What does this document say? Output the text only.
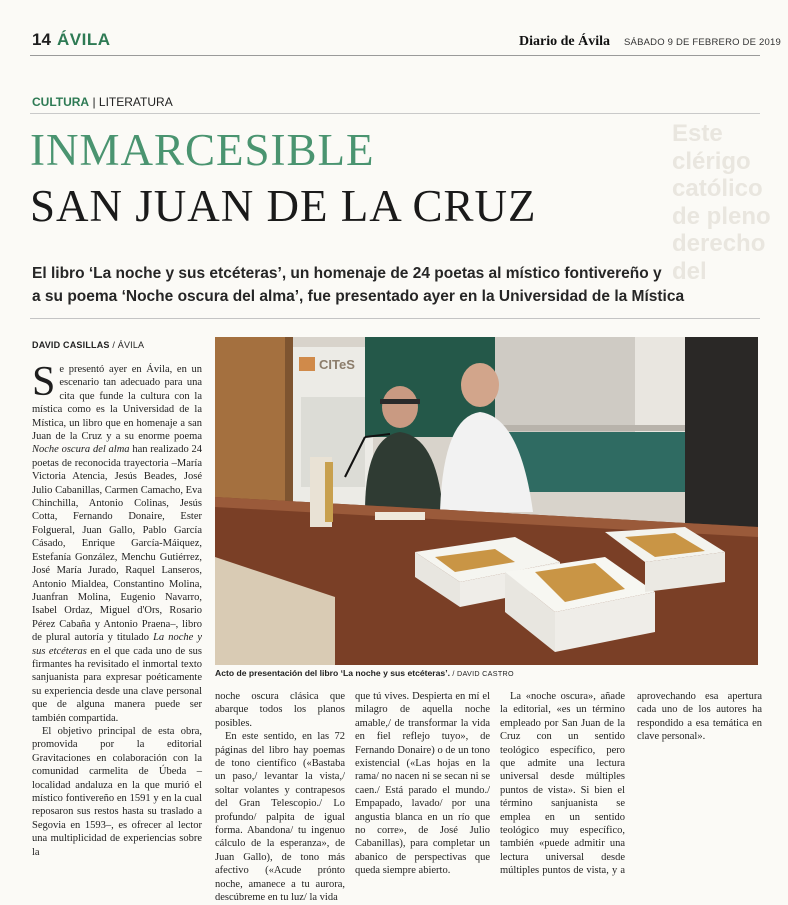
14 ÁVILA	Diario de Ávila SÁBADO 9 DE FEBRERO DE 2019
CULTURA | LITERATURA
Este clérigo católico de pleno derecho del
INMARCESIBLE
SAN JUAN DE LA CRUZ
El libro ‘La noche y sus etcéteras’, un homenaje de 24 poetas al místico fontivereño y
a su poema ‘Noche oscura del alma’, fue presentado ayer en la Universidad de la Mística
DAVID CASILLAS / ÁVILA

Se presentó ayer en Ávila, en un escenario tan adecuado para una cita que funde la cultura con la mística como es la Universidad de la Mística, un libro que en homenaje a san Juan de la Cruz y a su enorme poema Noche oscura del alma han realizado 24 poetas de reconocida trayectoria –María Victoria Atencia, Jesús Beades, José Julio Cabanillas, Carmen Camacho, Eva Chinchilla, Antonio Colinas, Jesús Cotta, Fernando Donaire, Ester Folgueral, Juan Gallo, Pablo García Cásado, Enrique García-Máiquez, Estefanía González, Menchu Gutiérrez, José María Jurado, Raquel Lanseros, Antonio Mialdea, Constantino Molina, Juanfran Molina, Eugenio Navarro, Isabel Ordaz, Miguel d'Ors, Rosario Pérez Cabaña y Antonio Praena–, libro de plural autoría y titulado La noche y sus etcéteras en el que cada uno de sus firmantes ha revisitado el inmortal texto sanjuanista para expresar poéticamente su experiencia desde una clave personal que de alguna manera puede ser también compartida.

El objetivo principal de esta obra, promovida por la editorial Gravitaciones en colaboración con la comunidad carmelita de Úbeda –localidad andaluza en la que murió el místico fontivereño en 1591 y en la cual reposaron sus restos hasta su traslado a Segovia en 1593–, es ofrecer al lector una multiplicidad de experiencias sobre la

CITeS
Acto de presentación del libro ‘La noche y sus etcéteras’. / DAVID CASTRO

noche oscura clásica que abarque todos los planos posibles.

En este sentido, en las 72 páginas del libro hay poemas de tono científico («Bastaba un paso,/ levantar la vista,/ soltar volantes y contrapesos del Gran Telescopio./ Lo profundo/ palpita de igual forma. Abandona/ tu ingenuo cálculo de la esperanza», de Juan Gallo), de tono más afectivo («Acude prónto noche, amanece a tu aurora, descúbreme en tu luz/ la vida

que tú vives. Despierta en mí el milagro de aquella noche amable,/ de transformar la vida en fiel reflejo tuyo», de Fernando Donaire) o de un tono existencial («Las hojas en la rama/ no nacen ni se secan ni se caen./ Está parado el mundo./ Empapado, lavado/ por una angustia blanca en un río que no corre», de José Julio Cabanillas), para completar un abanico de perspectivas que queda siempre abierto.

La «noche oscura», añade la editorial, «es un término empleado por San Juan de la Cruz con un sentido teológico específico, pero que admite una lectura universal desde múltiples puntos de vista». Si bien el término sanjuanista se emplea en un sentido teológico muy específico, también «puede admitir una lectura universal desde múltiples puntos de vista, y a aprovechando esa apertura cada uno de los autores ha respondido a esa temática en clave personal».
